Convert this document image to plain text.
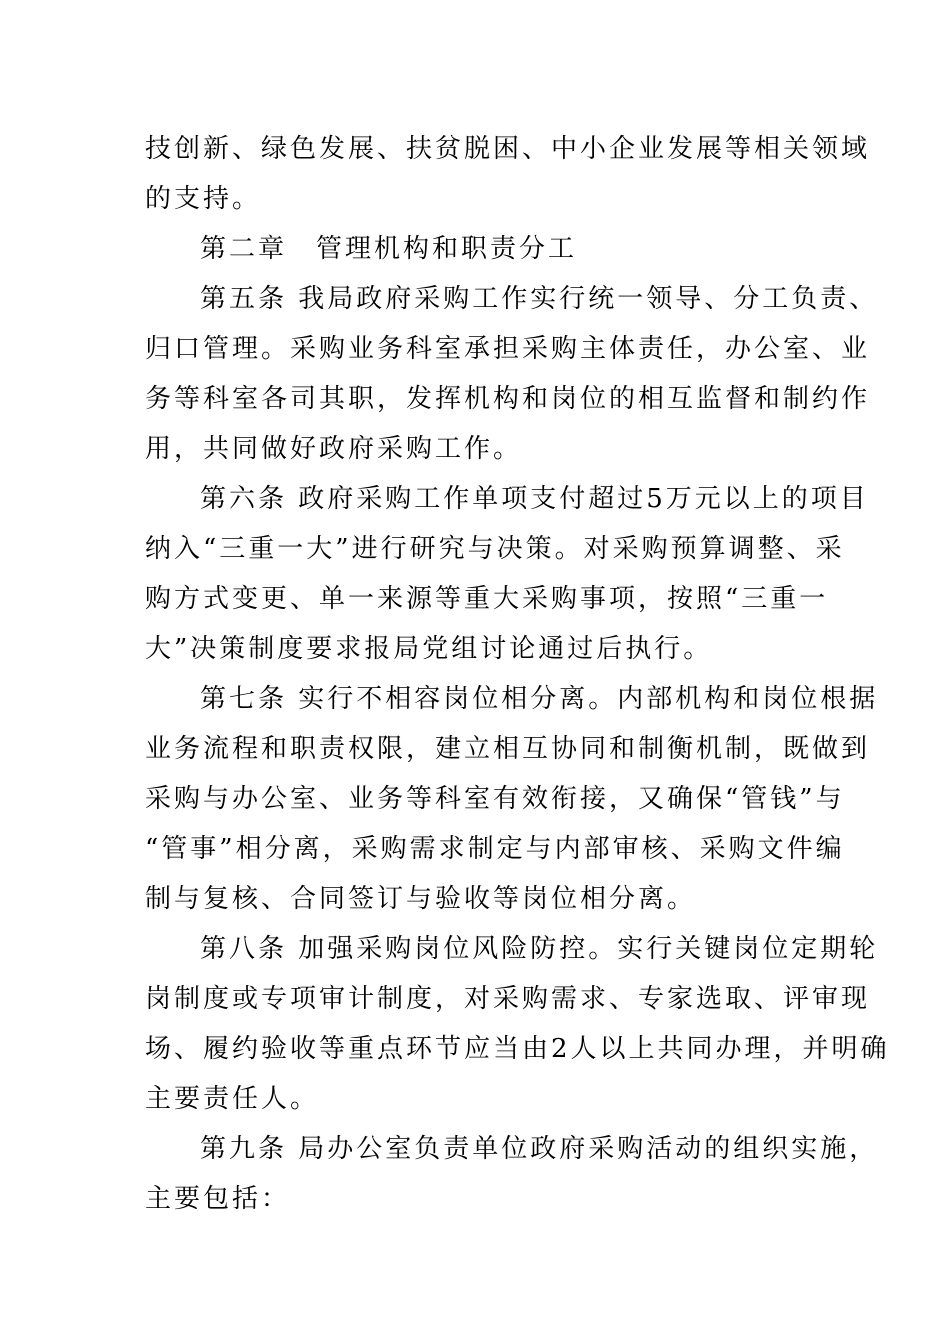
技创新、绿色发展、扶贫脱困、中小企业发展等相关领域

的支持。

第二章　管理机构和职责分工

第五条 我局政府采购工作实行统一领导、分工负责、

归口管理。采购业务科室承担采购主体责任，办公室、业

务等科室各司其职，发挥机构和岗位的相互监督和制约作

用，共同做好政府采购工作。

第六条 政府采购工作单项支付超过5万元以上的项目

纳入“三重一大”进行研究与决策。对采购预算调整、采

购方式变更、单一来源等重大采购事项，按照“三重一

大”决策制度要求报局党组讨论通过后执行。

第七条 实行不相容岗位相分离。内部机构和岗位根据

业务流程和职责权限，建立相互协同和制衡机制，既做到

采购与办公室、业务等科室有效衔接，又确保“管钱”与

“管事”相分离，采购需求制定与内部审核、采购文件编

制与复核、合同签订与验收等岗位相分离。

第八条 加强采购岗位风险防控。实行关键岗位定期轮

岗制度或专项审计制度，对采购需求、专家选取、评审现

场、履约验收等重点环节应当由2人以上共同办理，并明确

主要责任人。

第九条 局办公室负责单位政府采购活动的组织实施，

主要包括：
